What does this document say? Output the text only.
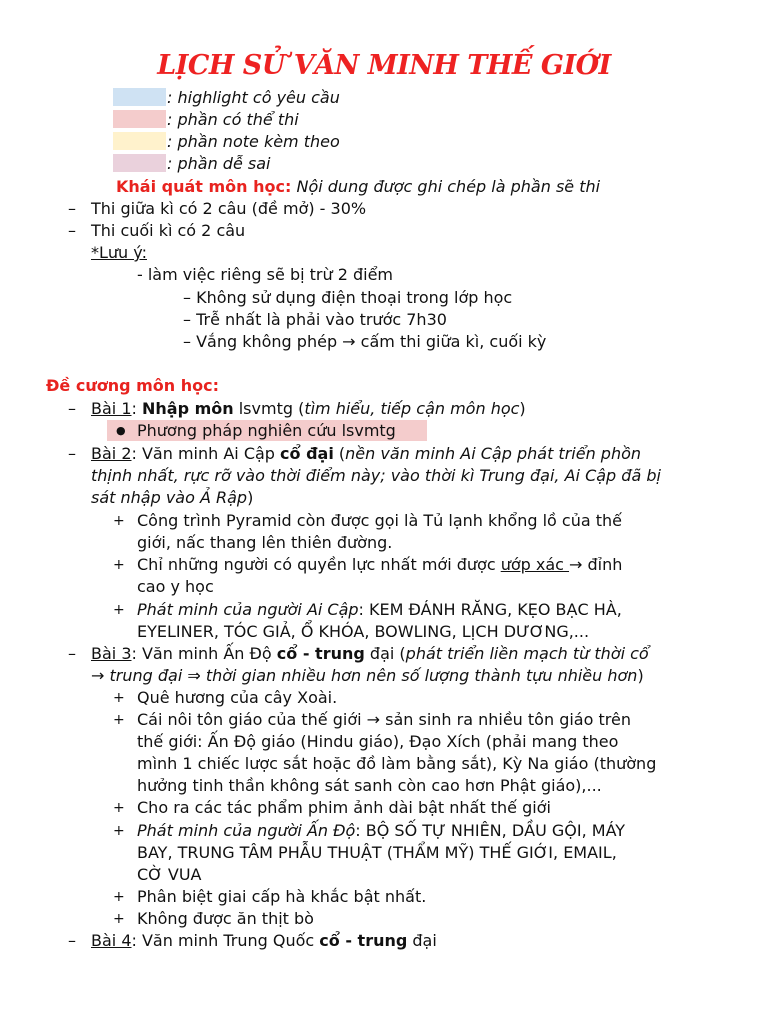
LỊCH SỬ VĂN MINH THẾ GIỚI
: highlight cô yêu cầu
: phần có thể thi
: phần note kèm theo
: phần dễ sai
Khái quát môn học: Nội dung được ghi chép là phần sẽ thi
– Thi giữa kì có 2 câu (đề mở) - 30%
– Thi cuối kì có 2 câu
*Lưu ý:
- làm việc riêng sẽ bị trừ 2 điểm
– Không sử dụng điện thoại trong lớp học
– Trễ nhất là phải vào trước 7h30
– Vắng không phép → cấm thi giữa kì, cuối kỳ
Đề cương môn học:
– Bài 1: Nhập môn lsvmtg (tìm hiểu, tiếp cận môn học)
● Phương pháp nghiên cứu lsvmtg
– Bài 2: Văn minh Ai Cập cổ đại (nền văn minh Ai Cập phát triển phồn
thịnh nhất, rực rỡ vào thời điểm này; vào thời kì Trung đại, Ai Cập đã bị
sát nhập vào Ả Rập)
+ Công trình Pyramid còn được gọi là Tủ lạnh khổng lồ của thế
giới, nấc thang lên thiên đường.
+ Chỉ những người có quyền lực nhất mới được ướp xác → đỉnh
cao y học
+ Phát minh của người Ai Cập: KEM ĐÁNH RĂNG, KẸO BẠC HÀ,
EYELINER, TÓC GIẢ, Ổ KHÓA, BOWLING, LỊCH DƯƠNG,...
– Bài 3: Văn minh Ấn Độ cổ - trung đại (phát triển liền mạch từ thời cổ
→ trung đại ⇒ thời gian nhiều hơn nên số lượng thành tựu nhiều hơn)
+ Quê hương của cây Xoài.
+ Cái nôi tôn giáo của thế giới → sản sinh ra nhiều tôn giáo trên
thế giới: Ấn Độ giáo (Hindu giáo), Đạo Xích (phải mang theo
mình 1 chiếc lược sắt hoặc đồ làm bằng sắt), Kỳ Na giáo (thường
hưởng tinh thần không sát sanh còn cao hơn Phật giáo),...
+ Cho ra các tác phẩm phim ảnh dài bật nhất thế giới
+ Phát minh của người Ấn Độ: BỘ SỐ TỰ NHIÊN, DẦU GỘI, MÁY
BAY, TRUNG TÂM PHẪU THUẬT (THẨM MỸ) THẾ GIỚI, EMAIL,
CỜ VUA
+ Phân biệt giai cấp hà khắc bật nhất.
+ Không được ăn thịt bò
– Bài 4: Văn minh Trung Quốc cổ - trung đại
